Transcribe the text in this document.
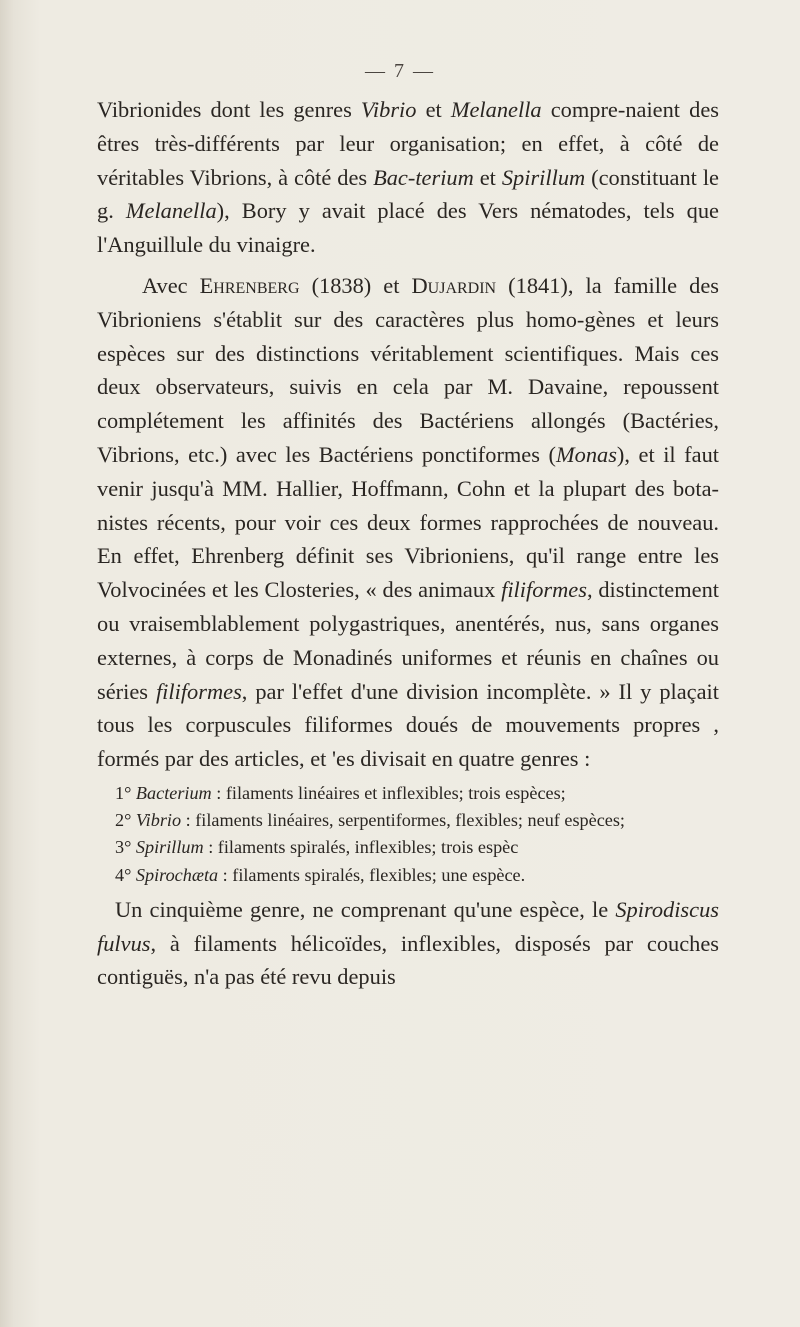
— 7 —

Vibrionides dont les genres Vibrio et Melanella compre-naient des êtres très-différents par leur organisation; en effet, à côté de véritables Vibrions, à côté des Bac-terium et Spirillum (constituant le g. Melanella), Bory y avait placé des Vers nématodes, tels que l'Anguillule du vinaigre.

Avec Ehrenberg (1838) et Dujardin (1841), la famille des Vibrioniens s'établit sur des caractères plus homo-gènes et leurs espèces sur des distinctions véritablement scientifiques. Mais ces deux observateurs, suivis en cela par M. Davaine, repoussent complétement les affinités des Bactériens allongés (Bactéries, Vibrions, etc.) avec les Bactériens ponctiformes (Monas), et il faut venir jusqu'à MM. Hallier, Hoffmann, Cohn et la plupart des bota-nistes récents, pour voir ces deux formes rapprochées de nouveau. En effet, Ehrenberg définit ses Vibrioniens, qu'il range entre les Volvocinées et les Closteries, « des animaux filiformes, distinctement ou vraisemblablement polygastriques, anentérés, nus, sans organes externes, à corps de Monadinés uniformes et réunis en chaînes ou séries filiformes, par l'effet d'une division incomplète. » Il y plaçait tous les corpuscules filiformes doués de mouvements propres , formés par des articles, et 'es divisait en quatre genres :

1° Bacterium : filaments linéaires et inflexibles; trois espèces;
2° Vibrio : filaments linéaires, serpentiformes, flexibles; neuf espèces;
3° Spirillum : filaments spiralés, inflexibles; trois espèc
4° Spirochæta : filaments spiralés, flexibles; une espèce.

Un cinquième genre, ne comprenant qu'une espèce, le Spirodiscus fulvus, à filaments hélicoïdes, inflexibles, disposés par couches contiguës, n'a pas été revu depuis
